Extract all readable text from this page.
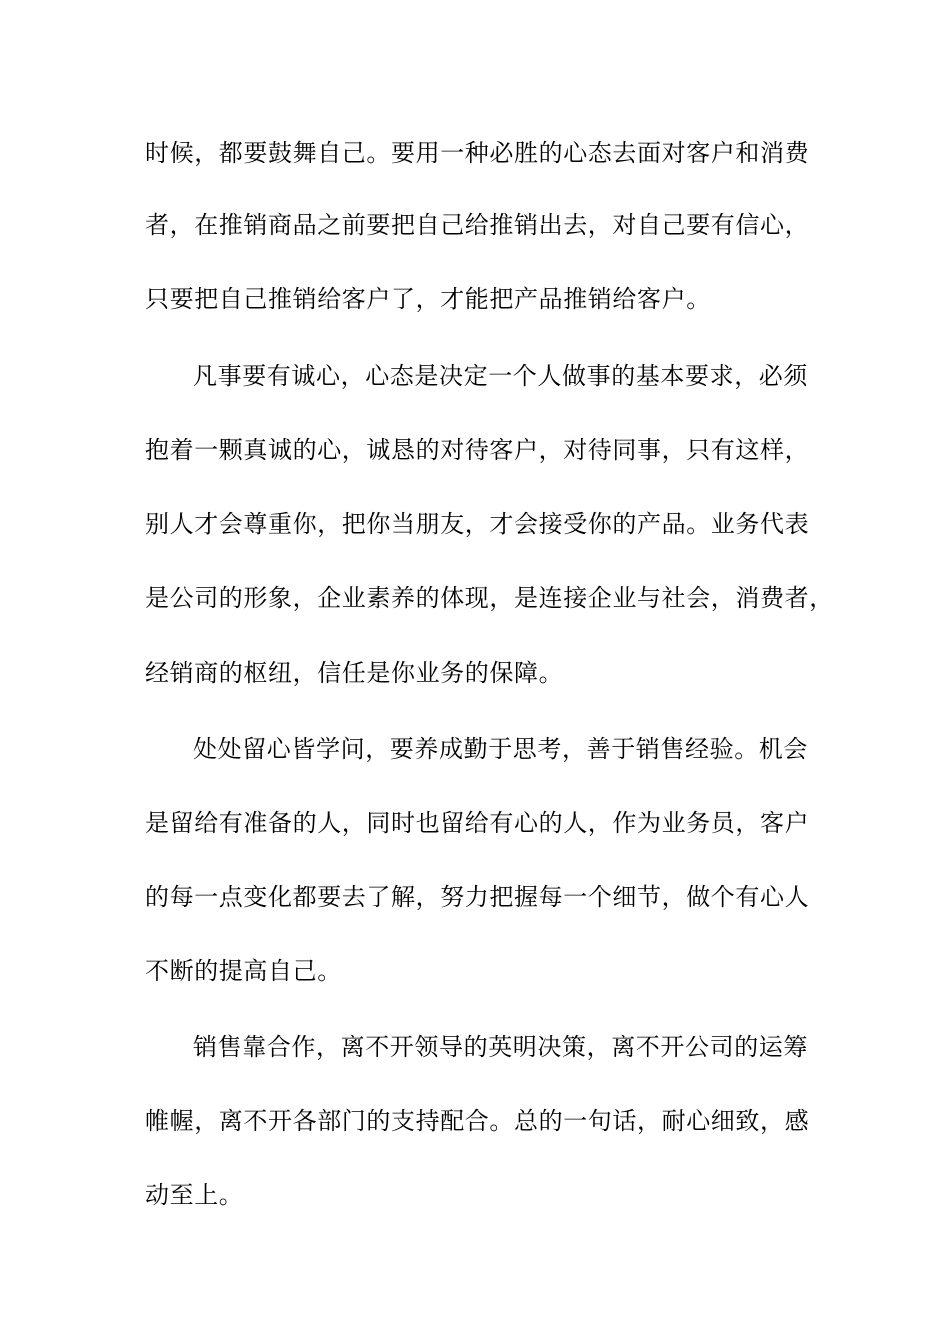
时候，都要鼓舞自己。要用一种必胜的心态去面对客户和消费
者，在推销商品之前要把自己给推销出去，对自己要有信心，
只要把自己推销给客户了，才能把产品推销给客户。
凡事要有诚心，心态是决定一个人做事的基本要求，必须
抱着一颗真诚的心，诚恳的对待客户，对待同事，只有这样，
别人才会尊重你，把你当朋友，才会接受你的产品。业务代表
是公司的形象，企业素养的体现，是连接企业与社会，消费者，
经销商的枢纽，信任是你业务的保障。
处处留心皆学问，要养成勤于思考，善于销售经验。机会
是留给有准备的人，同时也留给有心的人，作为业务员，客户
的每一点变化都要去了解，努力把握每一个细节，做个有心人
不断的提高自己。
销售靠合作，离不开领导的英明决策，离不开公司的运筹
帷幄，离不开各部门的支持配合。总的一句话，耐心细致，感
动至上。
